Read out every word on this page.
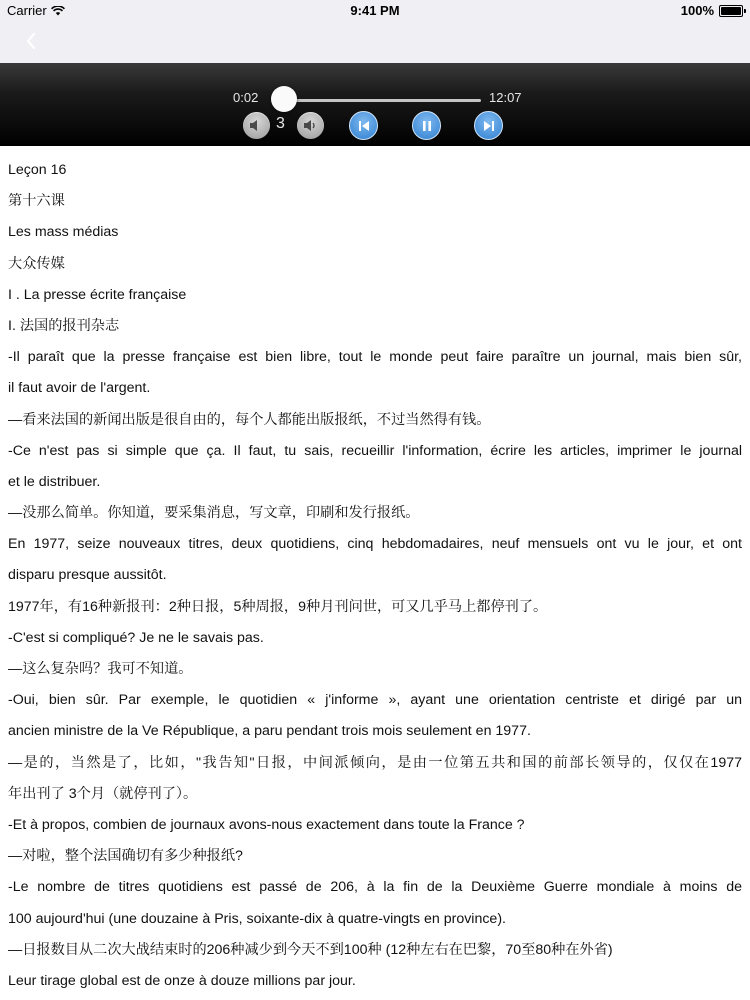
Carrier	9:41 PM	100%
0:02	12:07
3
Leçon 16
第十六课
Les mass médias
大众传媒
I . La presse écrite française
I. 法国的报刊杂志
-Il paraît que la presse française est bien libre, tout le monde peut faire paraître un journal, mais bien sûr,
il faut avoir de l'argent.
—看来法国的新闻出版是很自由的，每个人都能出版报纸，不过当然得有钱。
-Ce n'est pas si simple que ça. Il faut, tu sais, recueillir l'information, écrire les articles, imprimer le journal
et le distribuer.
—没那么简单。你知道，要采集消息，写文章，印刷和发行报纸。
En 1977, seize nouveaux titres, deux quotidiens, cinq hebdomadaires, neuf mensuels ont vu le jour, et ont
disparu presque aussitôt.
1977年，有16种新报刊：2种日报，5种周报，9种月刊问世，可又几乎马上都停刊了。
-C'est si compliqué? Je ne le savais pas.
—这么复杂吗？我可不知道。
-Oui, bien sûr. Par exemple, le quotidien « j'informe », ayant une orientation centriste et dirigé par un
ancien ministre de la Ve République, a paru pendant trois mois seulement en 1977.
—是的，当然是了，比如，"我告知"日报，中间派倾向，是由一位第五共和国的前部长领导的，仅仅在1977
年出刊了 3个月（就停刊了）。
-Et à propos, combien de journaux avons-nous exactement dans toute la France ?
—对啦，整个法国确切有多少种报纸?
-Le nombre de titres quotidiens est passé de 206, à la fin de la Deuxième Guerre mondiale à moins de
100 aujourd'hui (une douzaine à Pris, soixante-dix à quatre-vingts en province).
—日报数目从二次大战结束时的206种减少到今天不到100种 (12种左右在巴黎，70至80种在外省)
Leur tirage global est de onze à douze millions par jour.
